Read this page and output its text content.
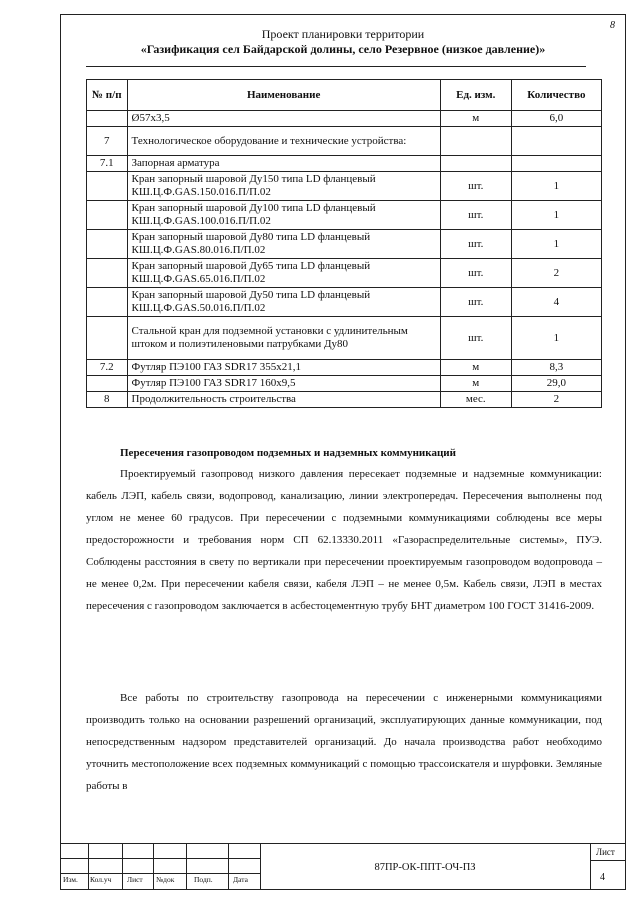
8
Проект планировки территории
«Газификация сел Байдарской долины, село Резервное (низкое давление)»
№ п/п	Наименование	Ед. изм.	Количество
	Ø57х3,5	м	6,0
7	Технологическое оборудование и технические устройства:		
7.1	Запорная арматура		
	Кран запорный шаровой Ду150 типа LD фланцевый КШ.Ц.Ф.GAS.150.016.П/П.02	шт.	1
	Кран запорный шаровой Ду100 типа LD фланцевый КШ.Ц.Ф.GAS.100.016.П/П.02	шт.	1
	Кран запорный шаровой Ду80 типа LD фланцевый КШ.Ц.Ф.GAS.80.016.П/П.02	шт.	1
	Кран запорный шаровой Ду65 типа LD фланцевый КШ.Ц.Ф.GAS.65.016.П/П.02	шт.	2
	Кран запорный шаровой Ду50 типа LD фланцевый КШ.Ц.Ф.GAS.50.016.П/П.02	шт.	4
	Стальной кран для подземной установки с удлинительным штоком и полиэтиленовыми патрубками Ду80	шт.	1
7.2	Футляр ПЭ100 ГАЗ SDR17 355х21,1	м	8,3
	Футляр ПЭ100 ГАЗ SDR17 160х9,5	м	29,0
8	Продолжительность строительства	мес.	2
Пересечения газопроводом подземных и надземных коммуникаций
Проектируемый газопровод низкого давления пересекает подземные и надземные коммуникации: кабель ЛЭП, кабель связи, водопровод, канализацию, линии электропередач. Пересечения выполнены под углом не менее 60 градусов. При пересечении с подземными коммуникациями соблюдены все меры предосторожности и требования норм СП 62.13330.2011 «Газораспределительные системы», ПУЭ. Соблюдены расстояния в свету по вертикали при пересечении проектируемым газопроводом водопровода – не менее 0,2м. При пересечении кабеля связи, кабеля ЛЭП – не менее 0,5м. Кабель связи, ЛЭП в местах пересечения с газопроводом заключается в асбестоцементную трубу БНТ диаметром 100 ГОСТ 31416-2009.
Все работы по строительству газопровода на пересечении с инженерными коммуникациями производить только на основании разрешений организаций, эксплуатирующих данные коммуникации, под непосредственным надзором представителей организаций. До начала производства работ необходимо уточнить местоположение всех подземных коммуникаций с помощью трассоискателя и шурфовки. Земляные работы в
Изм. Кол.уч Лист №док	Подп.	Дата
87ПР-ОК-ППТ-ОЧ-ПЗ
Лист
4
